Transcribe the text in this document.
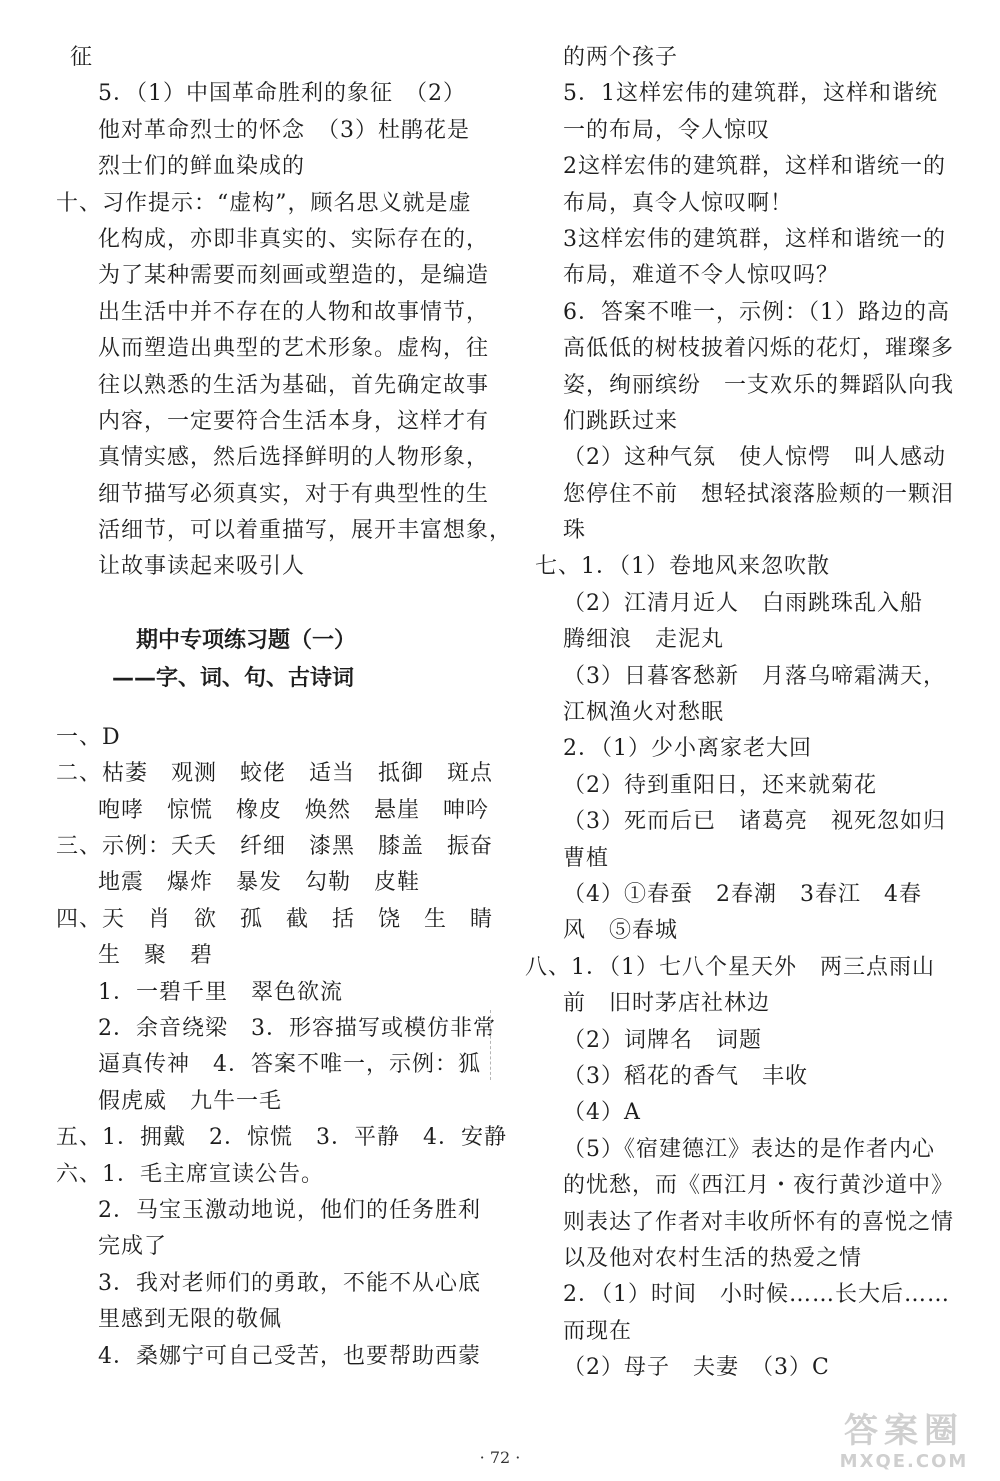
征
5．（1）中国革命胜利的象征　（2）
他对革命烈士的怀念　（3）杜鹃花是
烈士们的鲜血染成的
十、习作提示：“虚构”，顾名思义就是虚
化构成，亦即非真实的、实际存在的，
为了某种需要而刻画或塑造的，是编造
出生活中并不存在的人物和故事情节，
从而塑造出典型的艺术形象。虚构，往
往以熟悉的生活为基础，首先确定故事
内容，一定要符合生活本身，这样才有
真情实感，然后选择鲜明的人物形象，
细节描写必须真实，对于有典型性的生
活细节，可以着重描写，展开丰富想象，
让故事读起来吸引人
期中专项练习题（一）
——字、词、句、古诗词
一、D
二、枯萎　观测　蛟佬　适当　抵御　斑点
咆哮　惊慌　橡皮　焕然　悬崖　呻吟
三、示例：夭夭　纤细　漆黑　膝盖　振奋
地震　爆炸　暴发　勾勒　皮鞋
四、天　肖　欲　孤　截　括　饶　生　睛
生　聚　碧
1．一碧千里　翠色欲流
2．余音绕梁　3．形容描写或模仿非常
逼真传神　4．答案不唯一，示例：狐
假虎威　九牛一毛
五、1．拥戴　2．惊慌　3．平静　4．安静
六、1．毛主席宣读公告。
2．马宝玉激动地说，他们的任务胜利
完成了
3．我对老师们的勇敢，不能不从心底
里感到无限的敬佩
4．桑娜宁可自己受苦，也要帮助西蒙
的两个孩子
5．1这样宏伟的建筑群，这样和谐统
一的布局，令人惊叹
2这样宏伟的建筑群，这样和谐统一的
布局，真令人惊叹啊！
3这样宏伟的建筑群，这样和谐统一的
布局，难道不令人惊叹吗？
6．答案不唯一，示例：（1）路边的高
高低低的树枝披着闪烁的花灯，璀璨多
姿，绚丽缤纷　一支欢乐的舞蹈队向我
们跳跃过来
（2）这种气氛　使人惊愕　叫人感动
您停住不前　想轻拭滚落脸颊的一颗泪
珠
七、1．（1）卷地风来忽吹散
（2）江清月近人　白雨跳珠乱入船
腾细浪　走泥丸
（3）日暮客愁新　月落乌啼霜满天，
江枫渔火对愁眠
2．（1）少小离家老大回
（2）待到重阳日，还来就菊花
（3）死而后已　诸葛亮　视死忽如归
曹植
（4）①春蚕　2春潮　3春江　4春
风　⑤春城
八、1．（1）七八个星天外　两三点雨山
前　旧时茅店社林边
（2）词牌名　词题
（3）稻花的香气　丰收
（4）A
（5）《宿建德江》表达的是作者内心
的忧愁，而《西江月・夜行黄沙道中》
则表达了作者对丰收所怀有的喜悦之情
以及他对农村生活的热爱之情
2．（1）时间　小时候……长大后……
而现在
（2）母子　夫妻　（3）C
· 72 ·
答案圈
MXQE.COM
